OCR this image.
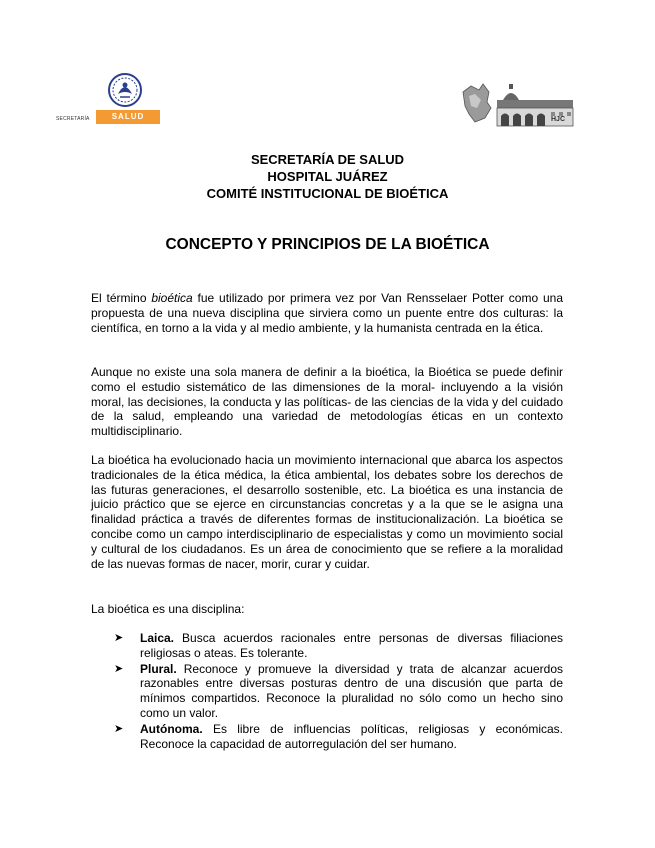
SECRETARÍA	SALUD	HJC
SECRETARÍA DE SALUD
HOSPITAL JUÁREZ
COMITÉ INSTITUCIONAL DE BIOÉTICA
CONCEPTO Y PRINCIPIOS DE LA BIOÉTICA
El término bioética fue utilizado por primera vez por Van Rensselaer Potter como una propuesta de una nueva disciplina que sirviera como un puente entre dos culturas: la científica, en torno a la vida y al medio ambiente, y la humanista centrada en la ética.
Aunque no existe una sola manera de definir a la bioética, la Bioética se puede definir como el estudio sistemático de las dimensiones de la moral- incluyendo a la visión moral, las decisiones, la conducta y las políticas- de las ciencias de la vida y del cuidado de la salud, empleando una variedad de metodologías éticas en un contexto multidisciplinario.
La bioética ha evolucionado hacia un movimiento internacional que abarca los aspectos tradicionales de la ética médica, la ética ambiental, los debates sobre los derechos de las futuras generaciones, el desarrollo sostenible, etc. La bioética es una instancia de juicio práctico que se ejerce en circunstancias concretas y a la que se le asigna una finalidad práctica a través de diferentes formas de institucionalización. La bioética se concibe como un campo interdisciplinario de especialistas y como un movimiento social y cultural de los ciudadanos. Es un área de conocimiento que se refiere a la moralidad de las nuevas formas de nacer, morir, curar y cuidar.
La bioética es una disciplina:
➤ Laica. Busca acuerdos racionales entre personas de diversas filiaciones religiosas o ateas. Es tolerante.
➤ Plural. Reconoce y promueve la diversidad y trata de alcanzar acuerdos razonables entre diversas posturas dentro de una discusión que parta de mínimos compartidos. Reconoce la pluralidad no sólo como un hecho sino como un valor.
➤ Autónoma. Es libre de influencias políticas, religiosas y económicas. Reconoce la capacidad de autorregulación del ser humano.
